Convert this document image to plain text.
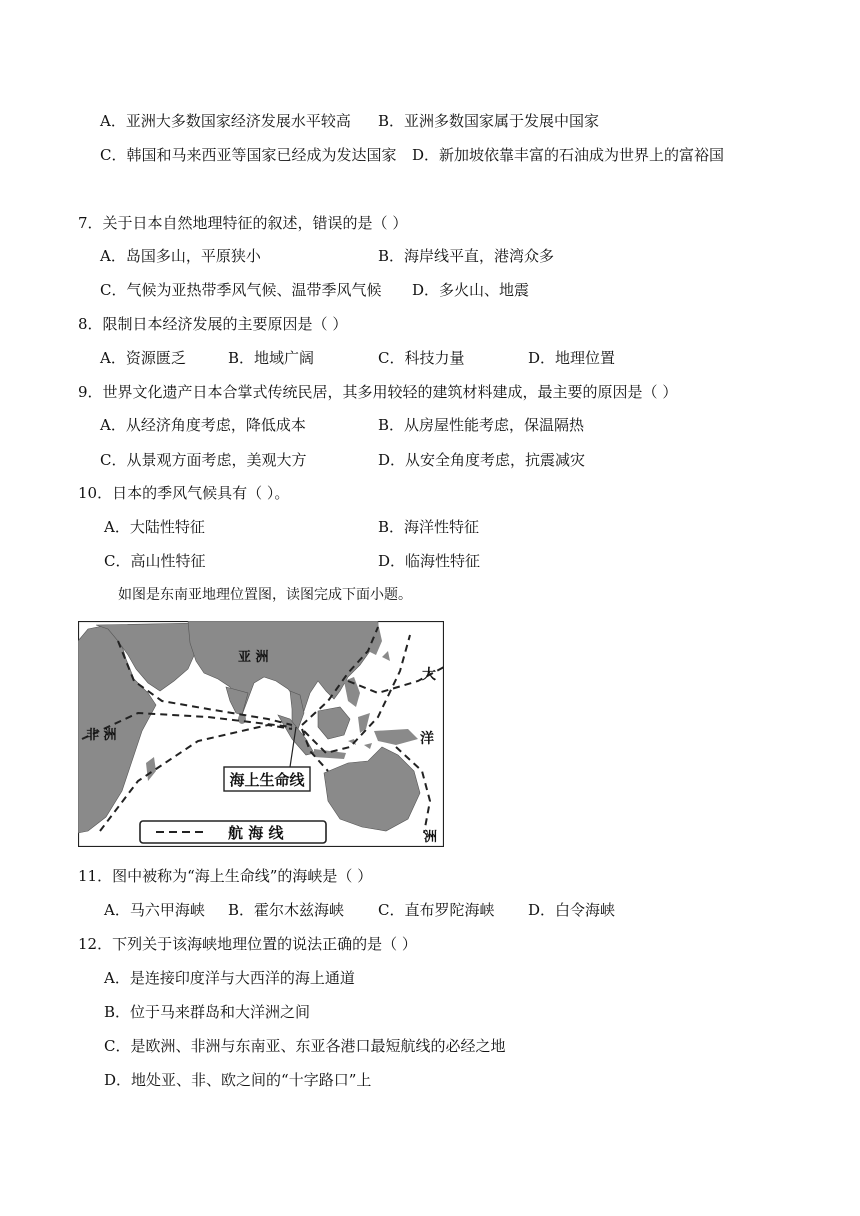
A．亚洲大多数国家经济发展水平较高 B．亚洲多数国家属于发展中国家
C．韩国和马来西亚等国家已经成为发达国家 D．新加坡依靠丰富的石油成为世界上的富裕国
7．关于日本自然地理特征的叙述，错误的是（ ）
A．岛国多山，平原狭小	B．海岸线平直，港湾众多
C．气候为亚热带季风气候、温带季风气候 D．多火山、地震
8．限制日本经济发展的主要原因是（ ）
A．资源匮乏	B．地域广阔	C．科技力量	D．地理位置
9．世界文化遗产日本合掌式传统民居，其多用较轻的建筑材料建成，最主要的原因是（ ）
A．从经济角度考虑，降低成本	B．从房屋性能考虑，保温隔热
C．从景观方面考虑，美观大方	D．从安全角度考虑，抗震减灾
10．日本的季风气候具有（ ）。
A．大陆性特征	B．海洋性特征
C．高山性特征	D．临海性特征
如图是东南亚地理位置图，读图完成下面小题。
海上生命线
航 海 线
亚 洲
非 洲
大
洋
洲
11．图中被称为“海上生命线”的海峡是（ ）
A．马六甲海峡 B．霍尔木兹海峡 C．直布罗陀海峡 D．白令海峡
12．下列关于该海峡地理位置的说法正确的是（ ）
A．是连接印度洋与大西洋的海上通道
B．位于马来群岛和大洋洲之间
C．是欧洲、非洲与东南亚、东亚各港口最短航线的必经之地
D．地处亚、非、欧之间的“十字路口”上
